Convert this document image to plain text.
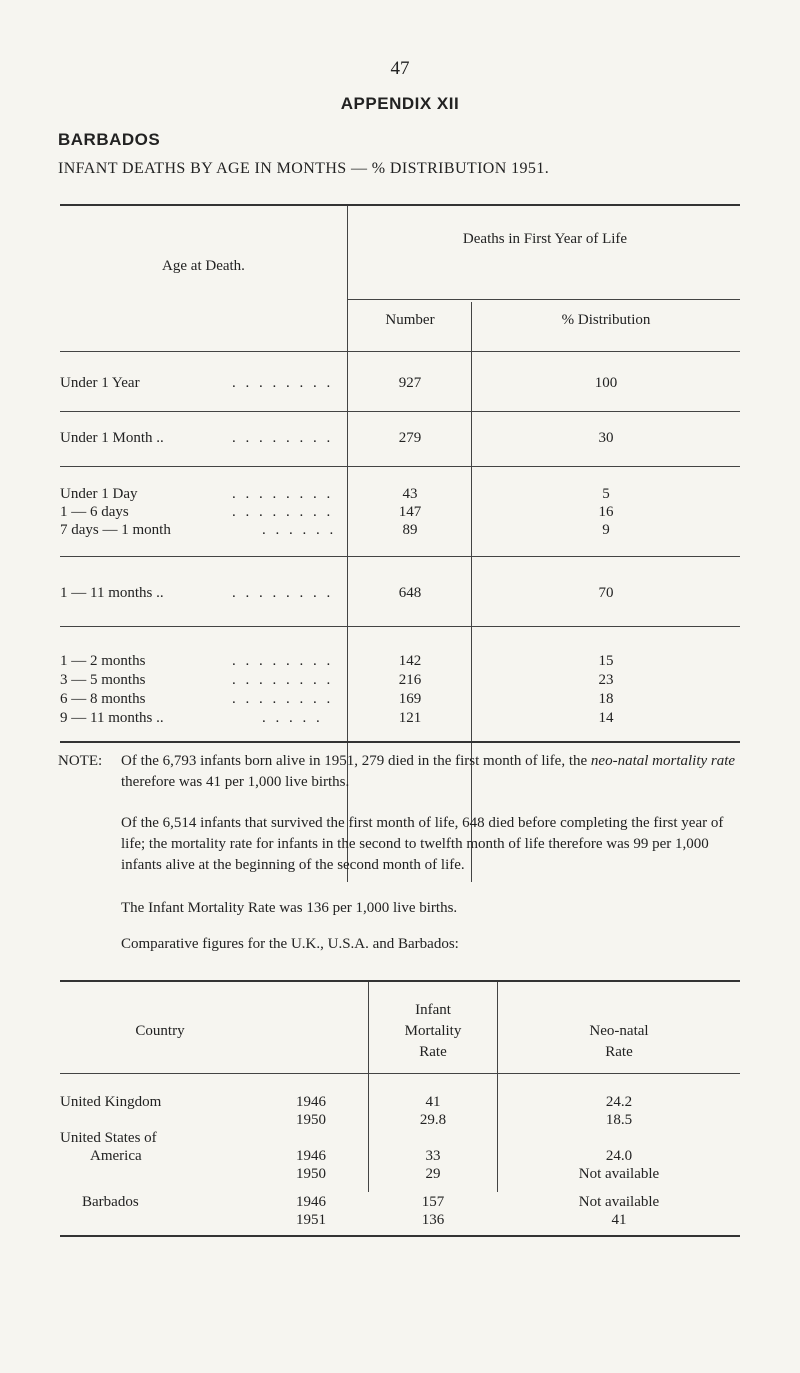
47
APPENDIX XII
BARBADOS
INFANT DEATHS BY AGE IN MONTHS — % DISTRIBUTION 1951.
Age at Death.
Deaths in First Year of Life
Number	% Distribution
Under 1 Year	. . . . . . . .	927	100
Under 1 Month ..	. . . . . . . .	279	30
Under 1 Day	. . . . . . . .	43	5
1 — 6 days	. . . . . . . .	147	16
7 days — 1 month	. . . . . .	89	9
1 — 11 months ..	. . . . . . . .	648	70
1 — 2 months	. . . . . . . .	142	15
3 — 5 months	. . . . . . . .	216	23
6 — 8 months	. . . . . . . .	169	18
9 — 11 months ..	. . . . .	121	14
NOTE: Of the 6,793 infants born alive in 1951, 279 died in the first month of life, the neo-natal mortality rate therefore was 41 per 1,000 live births.
Of the 6,514 infants that survived the first month of life, 648 died before completing the first year of life; the mortality rate for infants in the second to twelfth month of life therefore was 99 per 1,000 infants alive at the beginning of the second month of life.
The Infant Mortality Rate was 136 per 1,000 live births.
Comparative figures for the U.K., U.S.A. and Barbados:
Country
Infant
Mortality
Rate
Neo-natal
Rate
United Kingdom	1946	41	24.2
1950	29.8	18.5
United States of
America	1946	33	24.0
1950	29	Not available
Barbados	1946	157	Not available
1951	136	41
